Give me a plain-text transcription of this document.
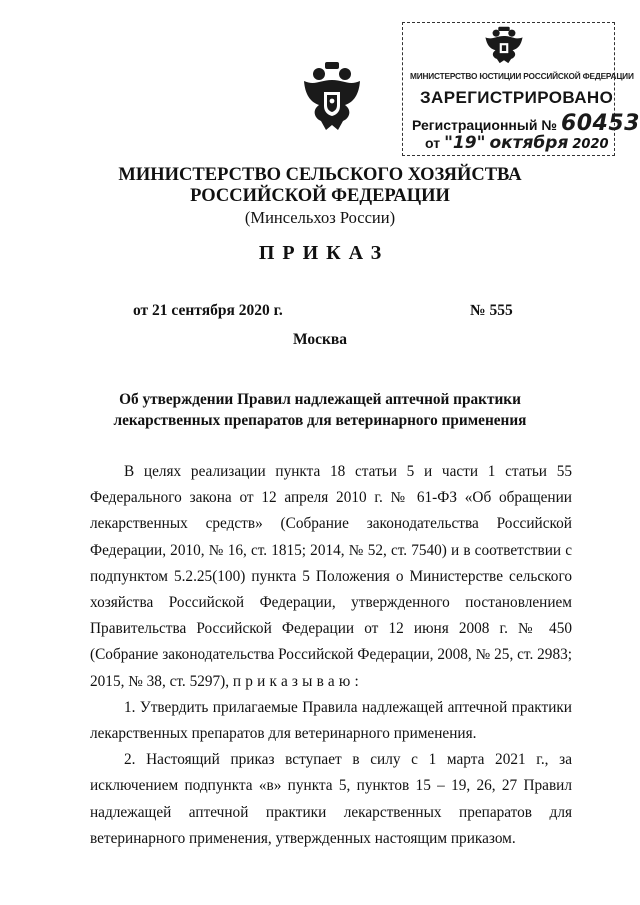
МИНИСТЕРСТВО ЮСТИЦИИ РОССИЙСКОЙ ФЕДЕРАЦИИ
ЗАРЕГИСТРИРОВАНО
Регистрационный № 60453
от "19" октября 2020
МИНИСТЕРСТВО СЕЛЬСКОГО ХОЗЯЙСТВА
РОССИЙСКОЙ ФЕДЕРАЦИИ
(Минсельхоз России)
ПРИКАЗ
от 21 сентября 2020 г.	№ 555
Москва
Об утверждении Правил надлежащей аптечной практики
лекарственных препаратов для ветеринарного применения

В целях реализации пункта 18 статьи 5 и части 1 статьи 55 Федерального закона от 12 апреля 2010 г. № 61-ФЗ «Об обращении лекарственных средств» (Собрание законодательства Российской Федерации, 2010, № 16, ст. 1815; 2014, № 52, ст. 7540) и в соответствии с подпунктом 5.2.25(100) пункта 5 Положения о Министерстве сельского хозяйства Российской Федерации, утвержденного постановлением Правительства Российской Федерации от 12 июня 2008 г. № 450 (Собрание законодательства Российской Федерации, 2008, № 25, ст. 2983; 2015, № 38, ст. 5297), приказываю:

1. Утвердить прилагаемые Правила надлежащей аптечной практики лекарственных препаратов для ветеринарного применения.

2. Настоящий приказ вступает в силу с 1 марта 2021 г., за исключением подпункта «в» пункта 5, пунктов 15 – 19, 26, 27 Правил надлежащей аптечной практики лекарственных препаратов для ветеринарного применения, утвержденных настоящим приказом.
